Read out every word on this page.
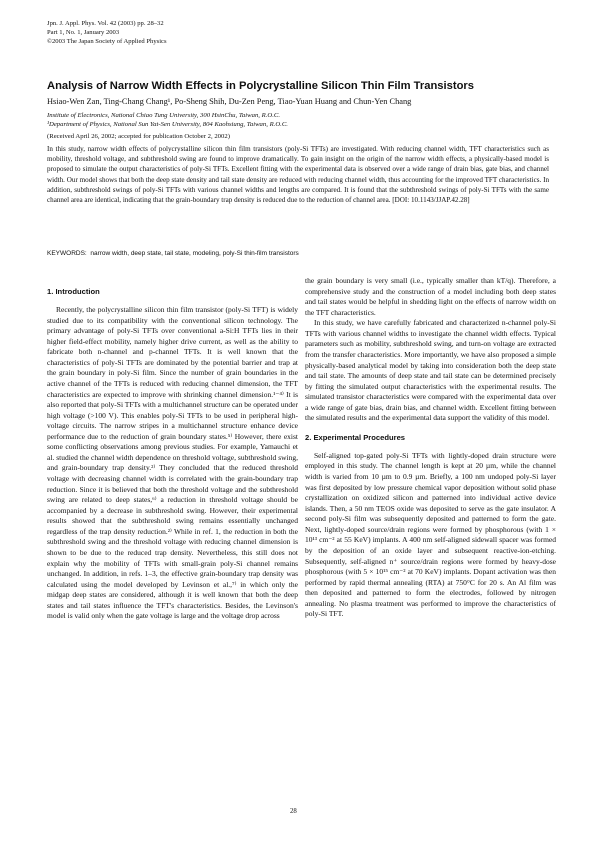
Jpn. J. Appl. Phys. Vol. 42 (2003) pp. 28–32
Part 1, No. 1, January 2003
©2003 The Japan Society of Applied Physics
Analysis of Narrow Width Effects in Polycrystalline Silicon Thin Film Transistors
Hsiao-Wen Zan, Ting-Chang Chang¹, Po-Sheng Shih, Du-Zen Peng, Tiao-Yuan Huang and Chun-Yen Chang
Institute of Electronics, National Chiao Tung University, 300 HsinChu, Taiwan, R.O.C.
¹Department of Physics, National Sun Yat-Sen University, 804 Kaohsiung, Taiwan, R.O.C.
(Received April 26, 2002; accepted for publication October 2, 2002)
In this study, narrow width effects of polycrystalline silicon thin film transistors (poly-Si TFTs) are investigated. With reducing channel width, TFT characteristics such as mobility, threshold voltage, and subthreshold swing are found to improve dramatically. To gain insight on the origin of the narrow width effects, a physically-based model is proposed to simulate the output characteristics of poly-Si TFTs. Excellent fitting with the experimental data is observed over a wide range of drain bias, gate bias, and channel width. Our model shows that both the deep state density and tail state density are reduced with reducing channel width, thus accounting for the improved TFT characteristics. In addition, subthreshold swings of poly-Si TFTs with various channel widths and lengths are compared. It is found that the subthreshold swings of poly-Si TFTs with the same channel area are identical, indicating that the grain-boundary trap density is reduced due to the reduction of channel area. [DOI: 10.1143/JJAP.42.28]
KEYWORDS: narrow width, deep state, tail state, modeling, poly-Si thin-film transistors
1. Introduction

Recently, the polycrystalline silicon thin film transistor (poly-Si TFT) is widely studied due to its compatibility with the conventional silicon technology. The primary advantage of poly-Si TFTs over conventional a-Si:H TFTs lies in their higher field-effect mobility, namely higher drive current, as well as the ability to fabricate both n-channel and p-channel TFTs. It is well known that the characteristics of poly-Si TFTs are dominated by the potential barrier and trap at the grain boundary in poly-Si film. Since the number of grain boundaries in the active channel of the TFTs is reduced with reducing channel dimension, the TFT characteristics are expected to improve with shrinking channel dimension.¹⁻⁴⁾ It is also reported that poly-Si TFTs with a multichannel structure can be operated under high voltage (>100 V). This enables poly-Si TFTs to be used in peripheral high-voltage circuits. The narrow stripes in a multichannel structure enhance device performance due to the reduction of grain boundary states.⁵⁾ However, there exist some conflicting observations among previous studies. For example, Yamauchi et al. studied the channel width dependence on threshold voltage, subthreshold swing, and grain-boundary trap density.²⁾ They concluded that the reduced threshold voltage with decreasing channel width is correlated with the grain-boundary trap reduction. Since it is believed that both the threshold voltage and the subthreshold swing are related to deep states,⁶⁾ a reduction in threshold voltage should be accompanied by a decrease in subthreshold swing. However, their experimental results showed that the subthreshold swing remains essentially unchanged regardless of the trap density reduction.²⁾ While in ref. 1, the reduction in both the subthreshold swing and the threshold voltage with reducing channel dimension is shown to be due to the reduced trap density. Nevertheless, this still does not explain why the mobility of TFTs with small-grain poly-Si channel remains unchanged. In addition, in refs. 1–3, the effective grain-boundary trap density was calculated using the model developed by Levinson et al.,⁷⁾ in which only the midgap deep states are considered, although it is well known that both the deep states and tail states influence the TFT's characteristics. Besides, the Levinson's model is valid only when the gate voltage is large and the voltage drop across

the grain boundary is very small (i.e., typically smaller than kT/q). Therefore, a comprehensive study and the construction of a model including both deep states and tail states would be helpful in shedding light on the effects of narrow width on the TFT characteristics.

In this study, we have carefully fabricated and characterized n-channel poly-Si TFTs with various channel widths to investigate the channel width effects. Typical parameters such as mobility, subthreshold swing, and turn-on voltage are extracted from the transfer characteristics. More importantly, we have also proposed a simple physically-based analytical model by taking into consideration both the deep state and tail state. The amounts of deep state and tail state can be determined precisely by fitting the simulated output characteristics with the experimental results. The simulated transistor characteristics were compared with the experimental data over a wide range of gate bias, drain bias, and channel width. Excellent fitting between the simulated results and the experimental data support the validity of this model.

2. Experimental Procedures

Self-aligned top-gated poly-Si TFTs with lightly-doped drain structure were employed in this study. The channel length is kept at 20 µm, while the channel width is varied from 10 µm to 0.9 µm. Briefly, a 100 nm undoped poly-Si layer was first deposited by low pressure chemical vapor deposition without solid phase crystallization on oxidized silicon and patterned into individual active device islands. Then, a 50 nm TEOS oxide was deposited to serve as the gate insulator. A second poly-Si film was subsequently deposited and patterned to form the gate. Next, lightly-doped source/drain regions were formed by phosphorous (with 1 × 10¹³ cm⁻² at 55 KeV) implants. A 400 nm self-aligned sidewall spacer was formed by the deposition of an oxide layer and subsequent reactive-ion-etching. Subsequently, self-aligned n⁺ source/drain regions were formed by heavy-dose phosphorous (with 5 × 10¹⁵ cm⁻² at 70 KeV) implants. Dopant activation was then performed by rapid thermal annealing (RTA) at 750°C for 20 s. An Al film was then deposited and patterned to form the electrodes, followed by nitrogen annealing. No plasma treatment was performed to improve the characteristics of poly-Si TFT.

28
